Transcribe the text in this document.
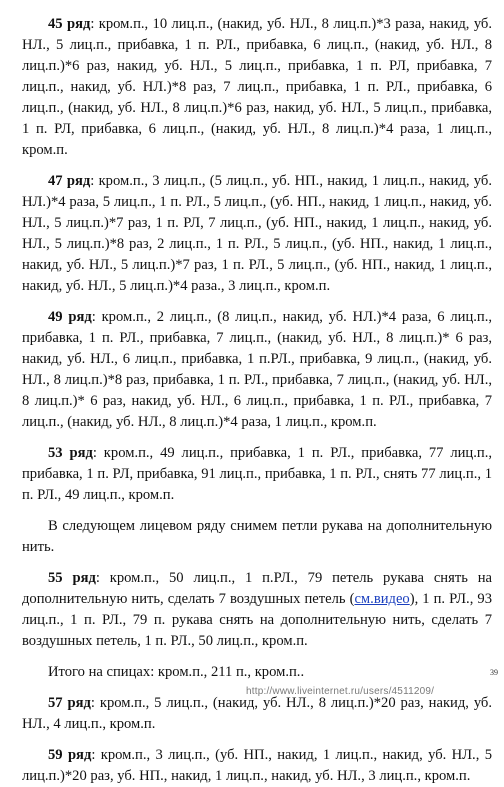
45 ряд: кром.п., 10 лиц.п., (накид, уб. НЛ., 8 лиц.п.)*3 раза, накид, уб. НЛ., 5 лиц.п., прибавка, 1 п. РЛ., прибавка, 6 лиц.п., (накид, уб. НЛ., 8 лиц.п.)*6 раз, накид, уб. НЛ., 5 лиц.п., прибавка, 1 п. РЛ, прибавка, 7 лиц.п., накид, уб. НЛ.)*8 раз, 7 лиц.п., прибавка, 1 п. РЛ., прибавка, 6 лиц.п., (накид, уб. НЛ., 8 лиц.п.)*6 раз, накид, уб. НЛ., 5 лиц.п., прибавка, 1 п. РЛ, прибавка, 6 лиц.п., (накид, уб. НЛ., 8 лиц.п.)*4 раза, 1 лиц.п., кром.п.

47 ряд: кром.п., 3 лиц.п., (5 лиц.п., уб. НП., накид, 1 лиц.п., накид, уб. НЛ.)*4 раза, 5 лиц.п., 1 п. РЛ., 5 лиц.п., (уб. НП., накид, 1 лиц.п., накид, уб. НЛ., 5 лиц.п.)*7 раз, 1 п. РЛ, 7 лиц.п., (уб. НП., накид, 1 лиц.п., накид, уб. НЛ., 5 лиц.п.)*8 раз, 2 лиц.п., 1 п. РЛ., 5 лиц.п., (уб. НП., накид, 1 лиц.п., накид, уб. НЛ., 5 лиц.п.)*7 раз, 1 п. РЛ., 5 лиц.п., (уб. НП., накид, 1 лиц.п., накид, уб. НЛ., 5 лиц.п.)*4 раза., 3 лиц.п., кром.п.

49 ряд: кром.п., 2 лиц.п., (8 лиц.п., накид, уб. НЛ.)*4 раза, 6 лиц.п., прибавка, 1 п. РЛ., прибавка, 7 лиц.п., (накид, уб. НЛ., 8 лиц.п.)* 6 раз, накид, уб. НЛ., 6 лиц.п., прибавка, 1 п.РЛ., прибавка, 9 лиц.п., (накид, уб. НЛ., 8 лиц.п.)*8 раз, прибавка, 1 п. РЛ., прибавка, 7 лиц.п., (накид, уб. НЛ., 8 лиц.п.)* 6 раз, накид, уб. НЛ., 6 лиц.п., прибавка, 1 п. РЛ., прибавка, 7 лиц.п., (накид, уб. НЛ., 8 лиц.п.)*4 раза, 1 лиц.п., кром.п.

53 ряд: кром.п., 49 лиц.п., прибавка, 1 п. РЛ., прибавка, 77 лиц.п., прибавка, 1 п. РЛ, прибавка, 91 лиц.п., прибавка, 1 п. РЛ., снять 77 лиц.п., 1 п. РЛ., 49 лиц.п., кром.п.

В следующем лицевом ряду снимем петли рукава на дополнительную нить.

55 ряд: кром.п., 50 лиц.п., 1 п.РЛ., 79 петель рукава снять на дополнительную нить, сделать 7 воздушных петель (см.видео), 1 п. РЛ., 93 лиц.п., 1 п. РЛ., 79 п. рукава снять на дополнительную нить, сделать 7 воздушных петель, 1 п. РЛ., 50 лиц.п., кром.п.

Итого на спицах: кром.п., 211 п., кром.п..

57 ряд: кром.п., 5 лиц.п., (накид, уб. НЛ., 8 лиц.п.)*20 раз, накид, уб. НЛ., 4 лиц.п., кром.п.

59 ряд: кром.п., 3 лиц.п., (уб. НП., накид, 1 лиц.п., накид, уб. НЛ., 5 лиц.п.)*20 раз, уб. НП., накид, 1 лиц.п., накид, уб. НЛ., 3 лиц.п., кром.п.

39
http://www.liveinternet.ru/users/4511209/
